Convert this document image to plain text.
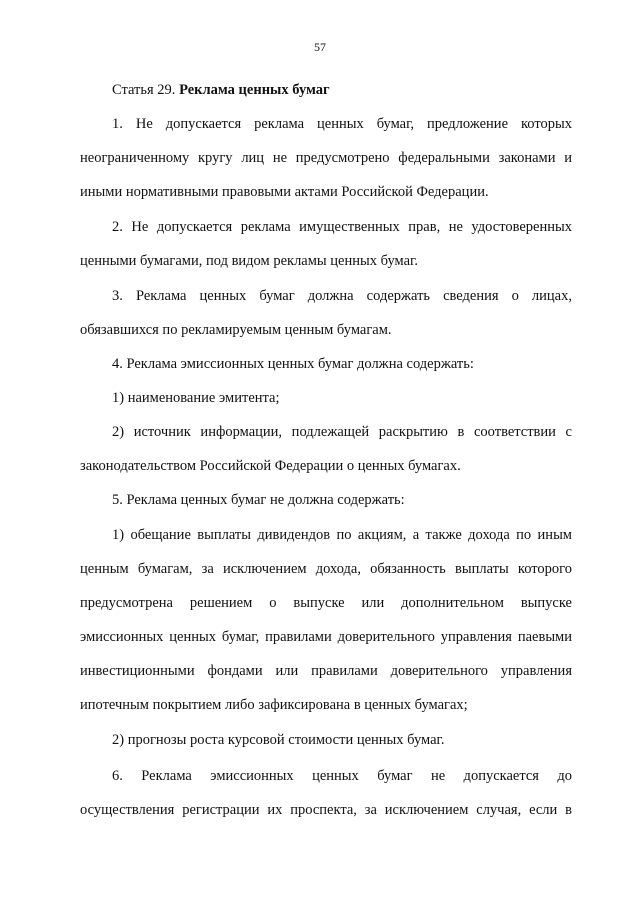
57
Статья 29. Реклама ценных бумаг
1. Не допускается реклама ценных бумаг, предложение которых
неограниченному кругу лиц не предусмотрено федеральными законами и
иными нормативными правовыми актами Российской Федерации.
2. Не допускается реклама имущественных прав, не удостоверенных
ценными бумагами, под видом рекламы ценных бумаг.
3. Реклама ценных бумаг должна содержать сведения о лицах,
обязавшихся по рекламируемым ценным бумагам.
4. Реклама эмиссионных ценных бумаг должна содержать:
1) наименование эмитента;
2) источник информации, подлежащей раскрытию в соответствии с
законодательством Российской Федерации о ценных бумагах.
5. Реклама ценных бумаг не должна содержать:
1) обещание выплаты дивидендов по акциям, а также дохода по иным
ценным бумагам, за исключением дохода, обязанность выплаты которого
предусмотрена решением о выпуске или дополнительном выпуске
эмиссионных ценных бумаг, правилами доверительного управления паевыми
инвестиционными фондами или правилами доверительного управления
ипотечным покрытием либо зафиксирована в ценных бумагах;
2) прогнозы роста курсовой стоимости ценных бумаг.
6. Реклама эмиссионных ценных бумаг не допускается до
осуществления регистрации их проспекта, за исключением случая, если в
